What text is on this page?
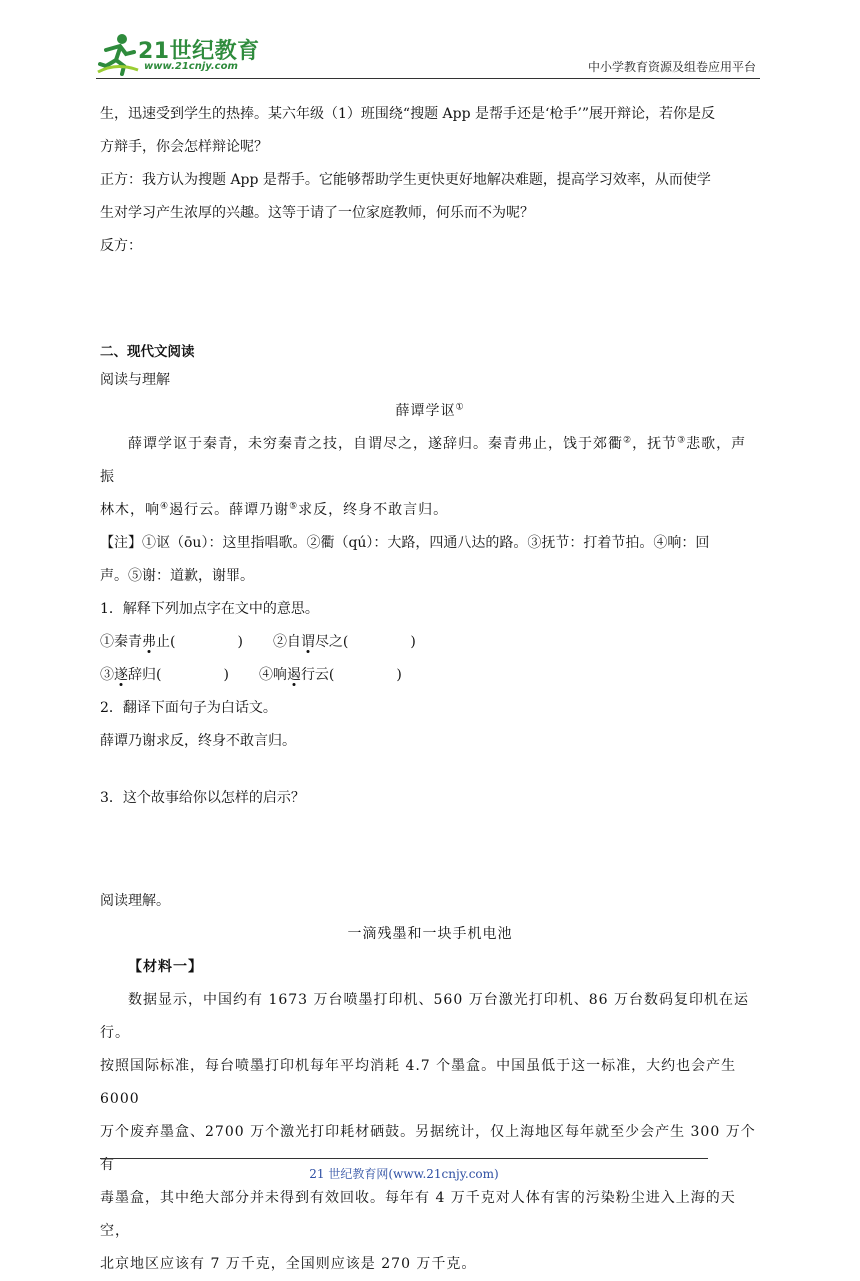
21世纪教育
www.21cnjy.com	中小学教育资源及组卷应用平台

生，迅速受到学生的热捧。某六年级（1）班围绕“搜题 App 是帮手还是‘枪手’”展开辩论，若你是反

方辩手，你会怎样辩论呢？

正方：我方认为搜题 App 是帮手。它能够帮助学生更快更好地解决难题，提高学习效率，从而使学

生对学习产生浓厚的兴趣。这等于请了一位家庭教师，何乐而不为呢？

反方：

二、现代文阅读

阅读与理解

薛谭学讴①

薛谭学讴于秦青，未穷秦青之技，自谓尽之，遂辞归。秦青弗止，饯于郊衢②，抚节③悲歌，声振

林木，响④遏行云。薛谭乃谢⑤求反，终身不敢言归。

【注】①讴（ōu）：这里指唱歌。②衢（qú）：大路，四通八达的路。③抚节：打着节拍。④响：回

声。⑤谢：道歉，谢罪。

1．解释下列加点字在文中的意思。

①秦青弗止(	) ②自谓尽之(	)

③遂辞归(	) ④响遏行云(	)

2．翻译下面句子为白话文。

薛谭乃谢求反，终身不敢言归。

3．这个故事给你以怎样的启示？

阅读理解。

一滴残墨和一块手机电池

【材料一】

数据显示，中国约有 1673 万台喷墨打印机、560 万台激光打印机、86 万台数码复印机在运行。

按照国际标准，每台喷墨打印机每年平均消耗 4.7 个墨盒。中国虽低于这一标准，大约也会产生 6000

万个废弃墨盒、2700 万个激光打印耗材硒鼓。另据统计，仅上海地区每年就至少会产生 300 万个有

毒墨盒，其中绝大部分并未得到有效回收。每年有 4 万千克对人体有害的污染粉尘进入上海的天空，

北京地区应该有 7 万千克，全国则应该是 270 万千克。

21 世纪教育网(www.21cnjy.com)
